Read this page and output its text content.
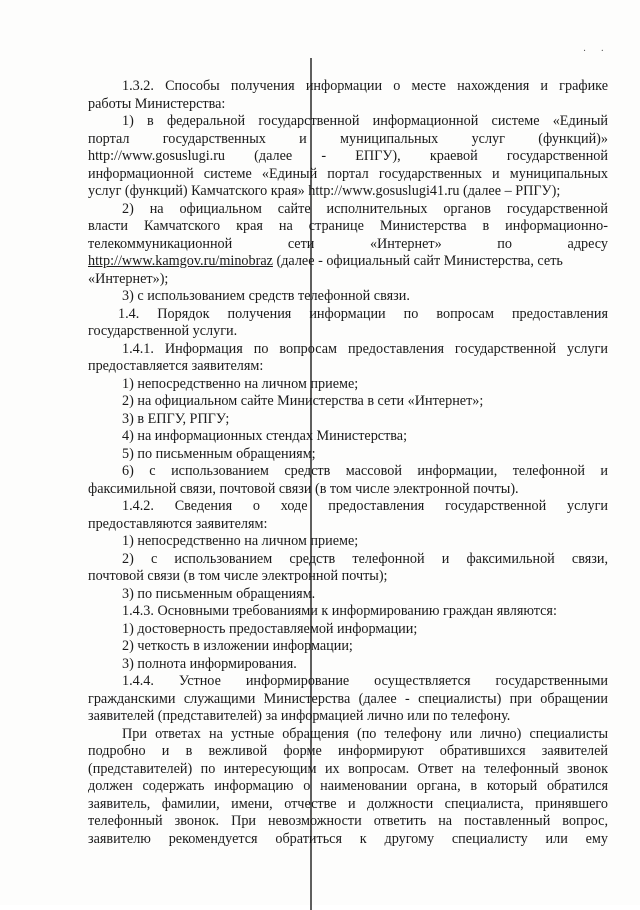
· ·
1.3.2. Способы получения информации о месте нахождения и графике
работы Министерства:
1) в федеральной государственной информационной системе «Единый
портал государственных и муниципальных услуг (функций)»
http://www.gosuslugi.ru (далее - ЕПГУ), краевой государственной
информационной системе «Единый портал государственных и муниципальных
услуг (функций) Камчатского края» http://www.gosuslugi41.ru (далее – РПГУ);
2) на официальном сайте исполнительных органов государственной
власти Камчатского края на странице Министерства в информационно-
телекоммуникационной сети «Интернет» по адресу
http://www.kamgov.ru/minobraz (далее - официальный сайт Министерства, сеть
«Интернет»);
3) с использованием средств телефонной связи.
1.4. Порядок получения информации по вопросам предоставления
государственной услуги.
1.4.1. Информация по вопросам предоставления государственной услуги
предоставляется заявителям:
1) непосредственно на личном приеме;
2) на официальном сайте Министерства в сети «Интернет»;
3) в ЕПГУ, РПГУ;
4) на информационных стендах Министерства;
5) по письменным обращениям;
6) с использованием средств массовой информации, телефонной и
факсимильной связи, почтовой связи (в том числе электронной почты).
1.4.2. Сведения о ходе предоставления государственной услуги
предоставляются заявителям:
1) непосредственно на личном приеме;
2) с использованием средств телефонной и факсимильной связи,
почтовой связи (в том числе электронной почты);
3) по письменным обращениям.
1.4.3. Основными требованиями к информированию граждан являются:
1) достоверность предоставляемой информации;
2) четкость в изложении информации;
3) полнота информирования.
1.4.4. Устное информирование осуществляется государственными
гражданскими служащими Министерства (далее - специалисты) при обращении
заявителей (представителей) за информацией лично или по телефону.
При ответах на устные обращения (по телефону или лично) специалисты
подробно и в вежливой форме информируют обратившихся заявителей
(представителей) по интересующим их вопросам. Ответ на телефонный звонок
должен содержать информацию о наименовании органа, в который обратился
заявитель, фамилии, имени, отчестве и должности специалиста, принявшего
телефонный звонок. При невозможности ответить на поставленный вопрос,
заявителю рекомендуется обратиться к другому специалисту или ему
